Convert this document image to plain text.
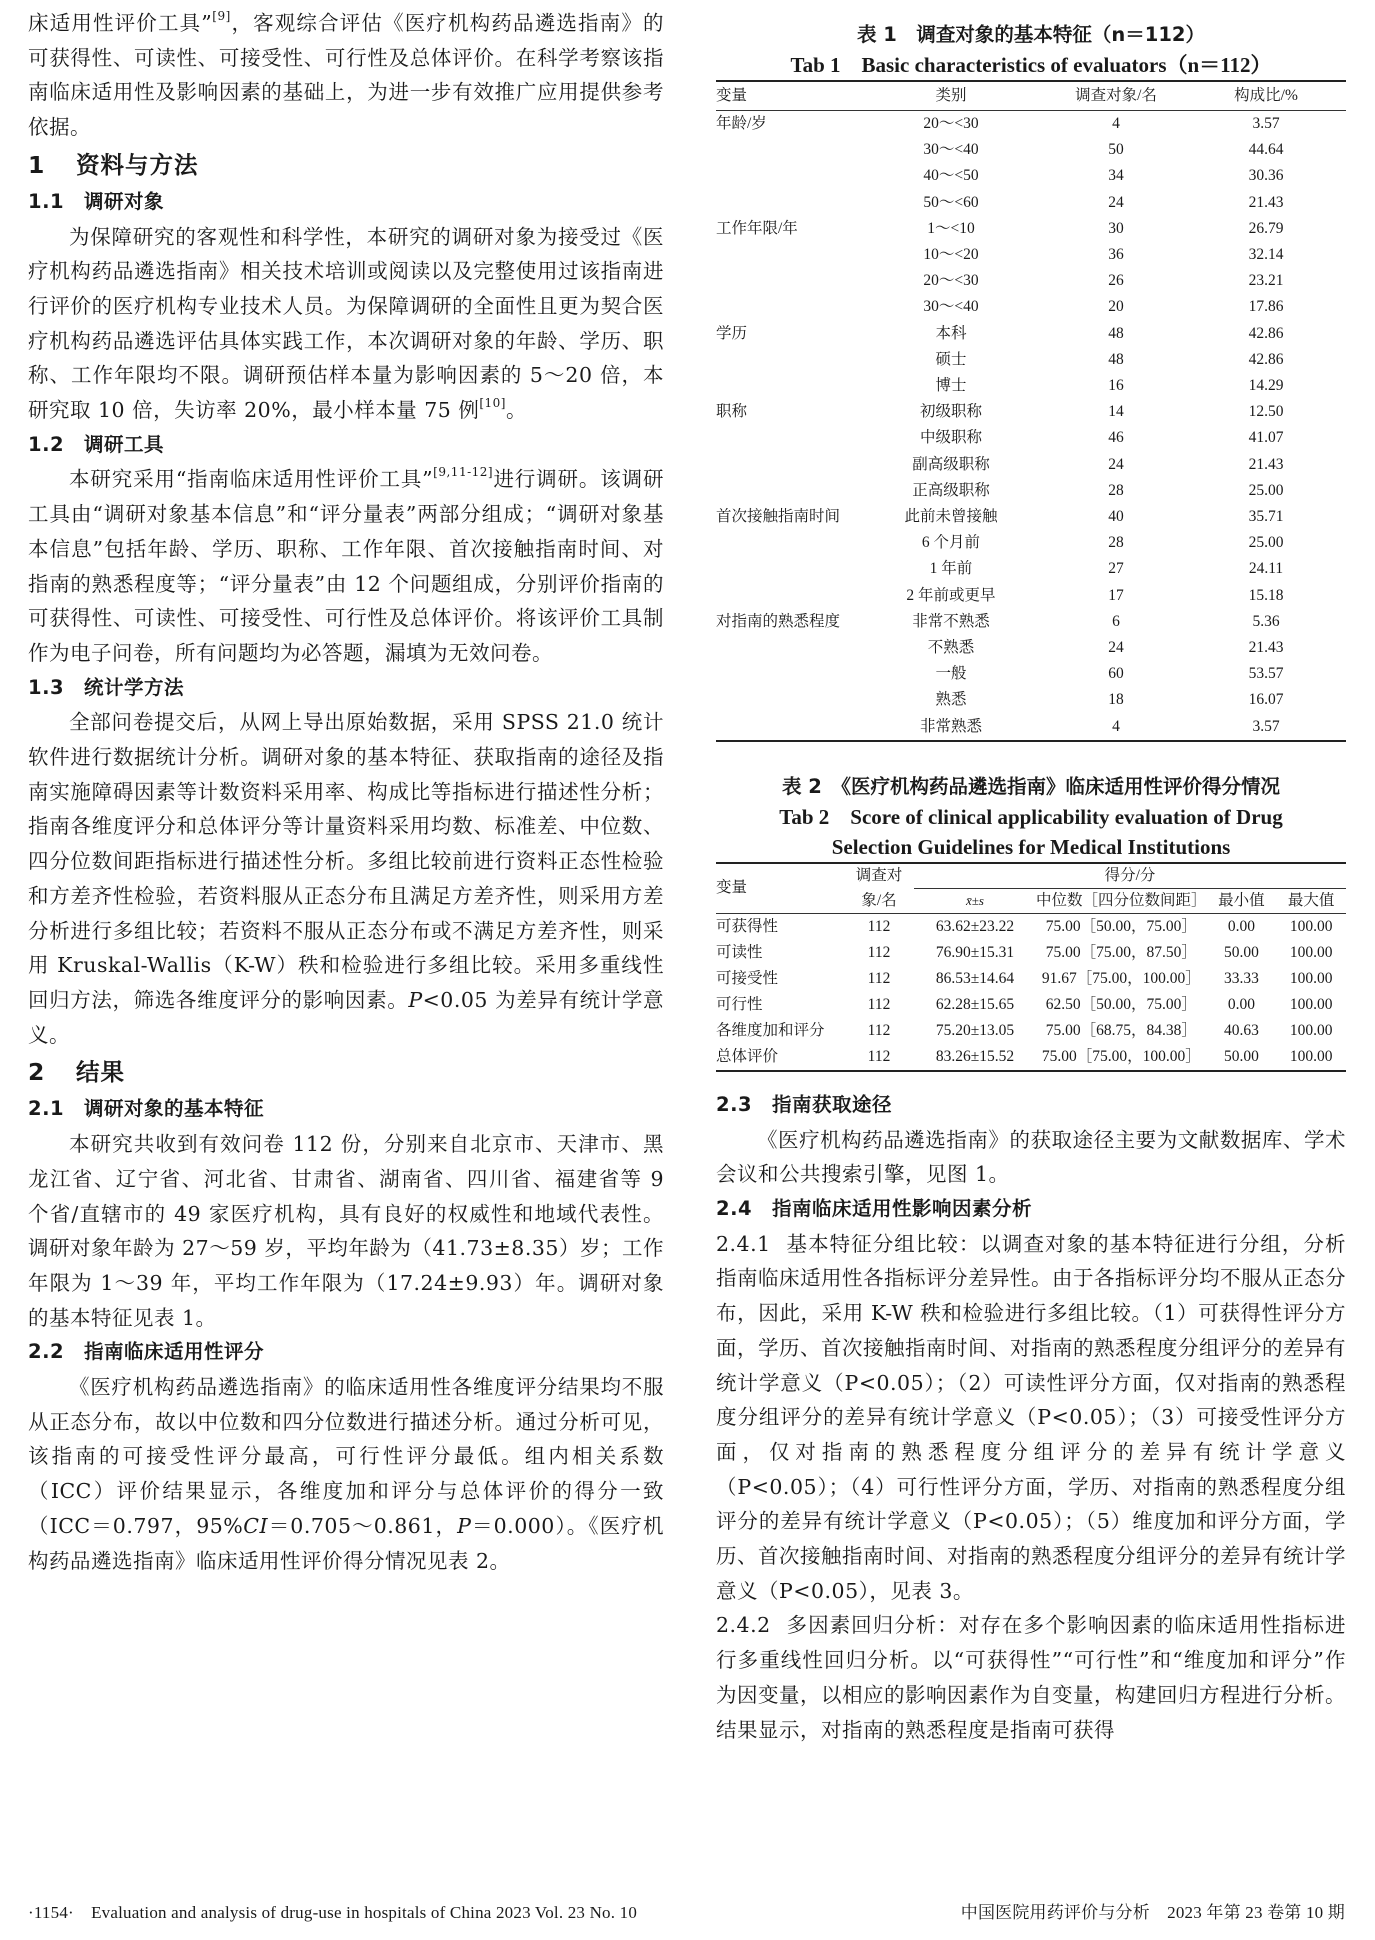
床适用性评价工具”[9]，客观综合评估《医疗机构药品遴选指南》的可获得性、可读性、可接受性、可行性及总体评价。在科学考察该指南临床适用性及影响因素的基础上，为进一步有效推广应用提供参考依据。

1 资料与方法
1.1 调研对象

为保障研究的客观性和科学性，本研究的调研对象为接受过《医疗机构药品遴选指南》相关技术培训或阅读以及完整使用过该指南进行评价的医疗机构专业技术人员。为保障调研的全面性且更为契合医疗机构药品遴选评估具体实践工作，本次调研对象的年龄、学历、职称、工作年限均不限。调研预估样本量为影响因素的 5～20 倍，本研究取 10 倍，失访率 20%，最小样本量 75 例[10]。

1.2 调研工具

本研究采用“指南临床适用性评价工具”[9,11-12]进行调研。该调研工具由“调研对象基本信息”和“评分量表”两部分组成；“调研对象基本信息”包括年龄、学历、职称、工作年限、首次接触指南时间、对指南的熟悉程度等；“评分量表”由 12 个问题组成，分别评价指南的可获得性、可读性、可接受性、可行性及总体评价。将该评价工具制作为电子问卷，所有问题均为必答题，漏填为无效问卷。

1.3 统计学方法

全部问卷提交后，从网上导出原始数据，采用 SPSS 21.0 统计软件进行数据统计分析。调研对象的基本特征、获取指南的途径及指南实施障碍因素等计数资料采用率、构成比等指标进行描述性分析；指南各维度评分和总体评分等计量资料采用均数、标准差、中位数、四分位数间距指标进行描述性分析。多组比较前进行资料正态性检验和方差齐性检验，若资料服从正态分布且满足方差齐性，则采用方差分析进行多组比较；若资料不服从正态分布或不满足方差齐性，则采用 Kruskal-Wallis（K-W）秩和检验进行多组比较。采用多重线性回归方法，筛选各维度评分的影响因素。P<0.05 为差异有统计学意义。

2 结果
2.1 调研对象的基本特征

本研究共收到有效问卷 112 份，分别来自北京市、天津市、黑龙江省、辽宁省、河北省、甘肃省、湖南省、四川省、福建省等 9 个省/直辖市的 49 家医疗机构，具有良好的权威性和地域代表性。调研对象年龄为 27～59 岁，平均年龄为（41.73±8.35）岁；工作年限为 1～39 年，平均工作年限为（17.24±9.93）年。调研对象的基本特征见表 1。

2.2 指南临床适用性评分

《医疗机构药品遴选指南》的临床适用性各维度评分结果均不服从正态分布，故以中位数和四分位数进行描述分析。通过分析可见，该指南的可接受性评分最高，可行性评分最低。组内相关系数（ICC）评价结果显示，各维度加和评分与总体评价的得分一致（ICC＝0.797，95%CI＝0.705～0.861，P＝0.000）。《医疗机构药品遴选指南》临床适用性评价得分情况见表 2。

表 1　调查对象的基本特征（n＝112）

Tab 1　Basic characteristics of evaluators（n＝112）

变量	类别	调查对象/名	构成比/%
年龄/岁	20～<30	4	3.57
	30～<40	50	44.64
	40～<50	34	30.36
	50～<60	24	21.43
工作年限/年	1～<10	30	26.79
	10～<20	36	32.14
	20～<30	26	23.21
	30～<40	20	17.86
学历	本科	48	42.86
	硕士	48	42.86
	博士	16	14.29
职称	初级职称	14	12.50
	中级职称	46	41.07
	副高级职称	24	21.43
	正高级职称	28	25.00
首次接触指南时间	此前未曾接触	40	35.71
	6 个月前	28	25.00
	1 年前	27	24.11
	2 年前或更早	17	15.18
对指南的熟悉程度	非常不熟悉	6	5.36
	不熟悉	24	21.43
	一般	60	53.57
	熟悉	18	16.07
	非常熟悉	4	3.57

表 2　《医疗机构药品遴选指南》临床适用性评价得分情况

Tab 2　Score of clinical applicability evaluation of Drug

Selection Guidelines for Medical Institutions

变量	调查对	得分/分			
	象/名	x̄±s	中位数［四分位数间距］	最小值	最大值
可获得性	112	63.62±23.22	75.00［50.00，75.00］	0.00	100.00
可读性	112	76.90±15.31	75.00［75.00，87.50］	50.00	100.00
可接受性	112	86.53±14.64	91.67［75.00，100.00］	33.33	100.00
可行性	112	62.28±15.65	62.50［50.00，75.00］	0.00	100.00
各维度加和评分	112	75.20±13.05	75.00［68.75，84.38］	40.63	100.00
总体评价	112	83.26±15.52	75.00［75.00，100.00］	50.00	100.00
2.3 指南获取途径

《医疗机构药品遴选指南》的获取途径主要为文献数据库、学术会议和公共搜索引擎，见图 1。

2.4 指南临床适用性影响因素分析

2.4.1 基本特征分组比较：以调查对象的基本特征进行分组，分析指南临床适用性各指标评分差异性。由于各指标评分均不服从正态分布，因此，采用 K-W 秩和检验进行多组比较。（1）可获得性评分方面，学历、首次接触指南时间、对指南的熟悉程度分组评分的差异有统计学意义（P<0.05）；（2）可读性评分方面，仅对指南的熟悉程度分组评分的差异有统计学意义（P<0.05）；（3）可接受性评分方面，仅对指南的熟悉程度分组评分的差异有统计学意义（P<0.05）；（4）可行性评分方面，学历、对指南的熟悉程度分组评分的差异有统计学意义（P<0.05）；（5）维度加和评分方面，学历、首次接触指南时间、对指南的熟悉程度分组评分的差异有统计学意义（P<0.05），见表 3。

2.4.2 多因素回归分析：对存在多个影响因素的临床适用性指标进行多重线性回归分析。以“可获得性”“可行性”和“维度加和评分”作为因变量，以相应的影响因素作为自变量，构建回归方程进行分析。结果显示，对指南的熟悉程度是指南可获得

·1154·　Evaluation and analysis of drug-use in hospitals of China 2023 Vol. 23 No. 10	中国医院用药评价与分析　2023 年第 23 卷第 10 期
